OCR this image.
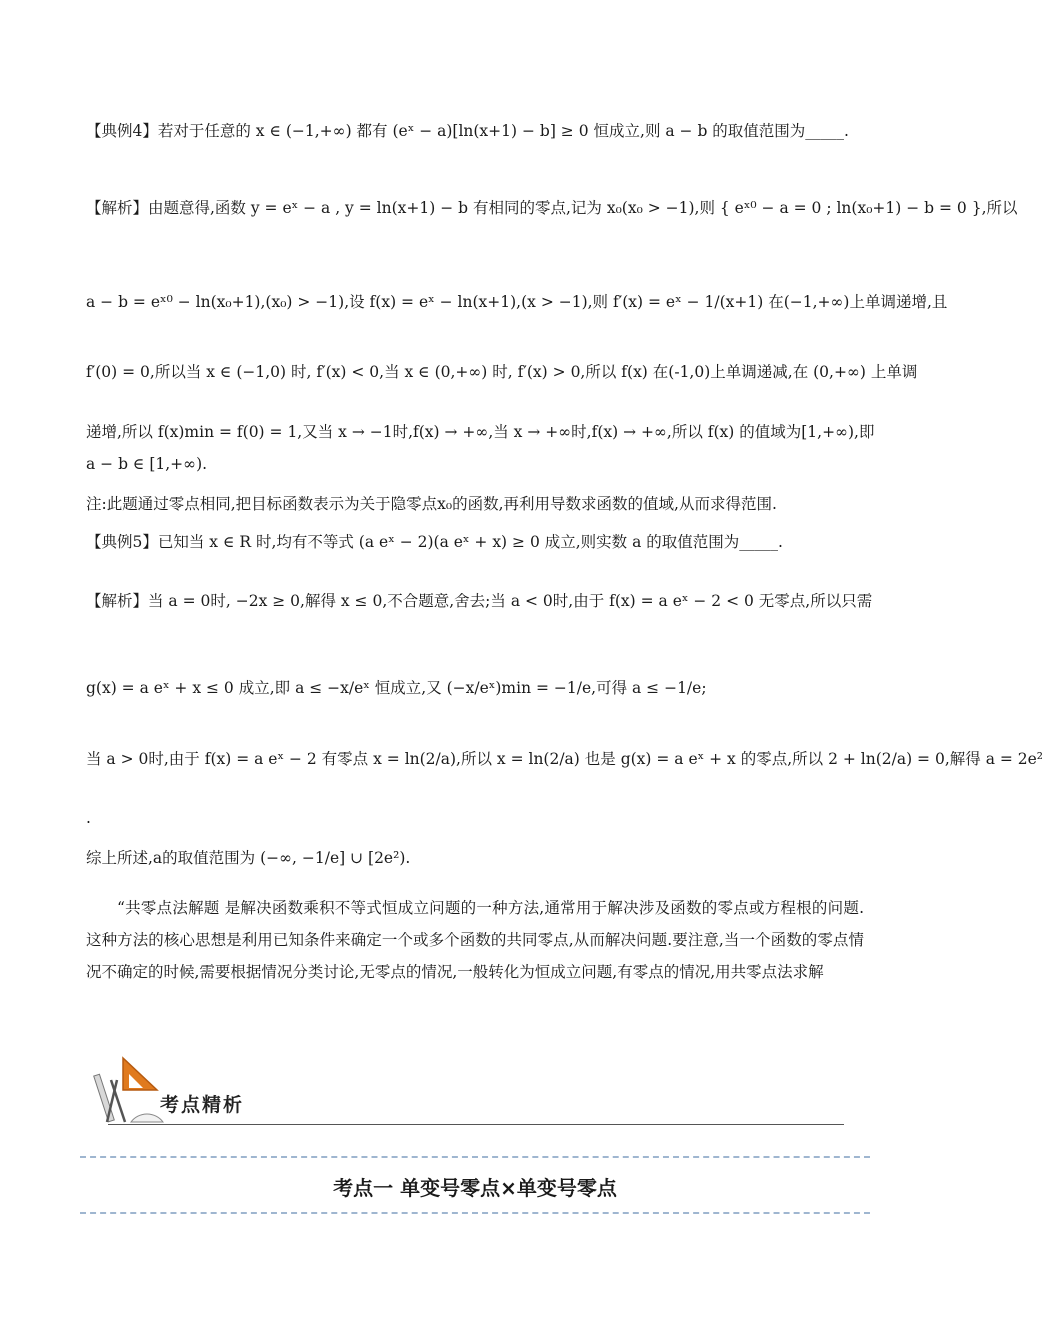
【典例4】若对于任意的 x ∈ (−1,+∞) 都有 (eˣ − a)[ln(x+1) − b] ≥ 0 恒成立,则 a − b 的取值范围为_____.
【解析】由题意得,函数 y = eˣ − a , y = ln(x+1) − b 有相同的零点,记为 x₀(x₀ > −1),则 { eˣ⁰ − a = 0 ; ln(x₀+1) − b = 0 },所以
a − b = eˣ⁰ − ln(x₀+1),(x₀) > −1),设 f(x) = eˣ − ln(x+1),(x > −1),则 f′(x) = eˣ − 1/(x+1) 在(−1,+∞)上单调递增,且
f′(0) = 0,所以当 x ∈ (−1,0) 时, f′(x) < 0,当 x ∈ (0,+∞) 时, f′(x) > 0,所以 f(x) 在(-1,0)上单调递减,在 (0,+∞) 上单调
递增,所以 f(x)min = f(0) = 1,又当 x → −1时,f(x) → +∞,当 x → +∞时,f(x) → +∞,所以 f(x) 的值域为[1,+∞),即
a − b ∈ [1,+∞).
注:此题通过零点相同,把目标函数表示为关于隐零点x₀的函数,再利用导数求函数的值域,从而求得范围.
【典例5】已知当 x ∈ R 时,均有不等式 (a eˣ − 2)(a eˣ + x) ≥ 0 成立,则实数 a 的取值范围为_____.
【解析】当 a = 0时, −2x ≥ 0,解得 x ≤ 0,不合题意,舍去;当 a < 0时,由于 f(x) = a eˣ − 2 < 0 无零点,所以只需
g(x) = a eˣ + x ≤ 0 成立,即 a ≤ −x/eˣ 恒成立,又 (−x/eˣ)min = −1/e,可得 a ≤ −1/e;
当 a > 0时,由于 f(x) = a eˣ − 2 有零点 x = ln(2/a),所以 x = ln(2/a) 也是 g(x) = a eˣ + x 的零点,所以 2 + ln(2/a) = 0,解得 a = 2e²
.
综上所述,a的取值范围为 (−∞, −1/e] ∪ [2e²).
“共零点法解题 是解决函数乘积不等式恒成立问题的一种方法,通常用于解决涉及函数的零点或方程根的问题.这种方法的核心思想是利用已知条件来确定一个或多个函数的共同零点,从而解决问题.要注意,当一个函数的零点情况不确定的时候,需要根据情况分类讨论,无零点的情况,一般转化为恒成立问题,有零点的情况,用共零点法求解
考点精析
考点一 单变号零点×单变号零点
